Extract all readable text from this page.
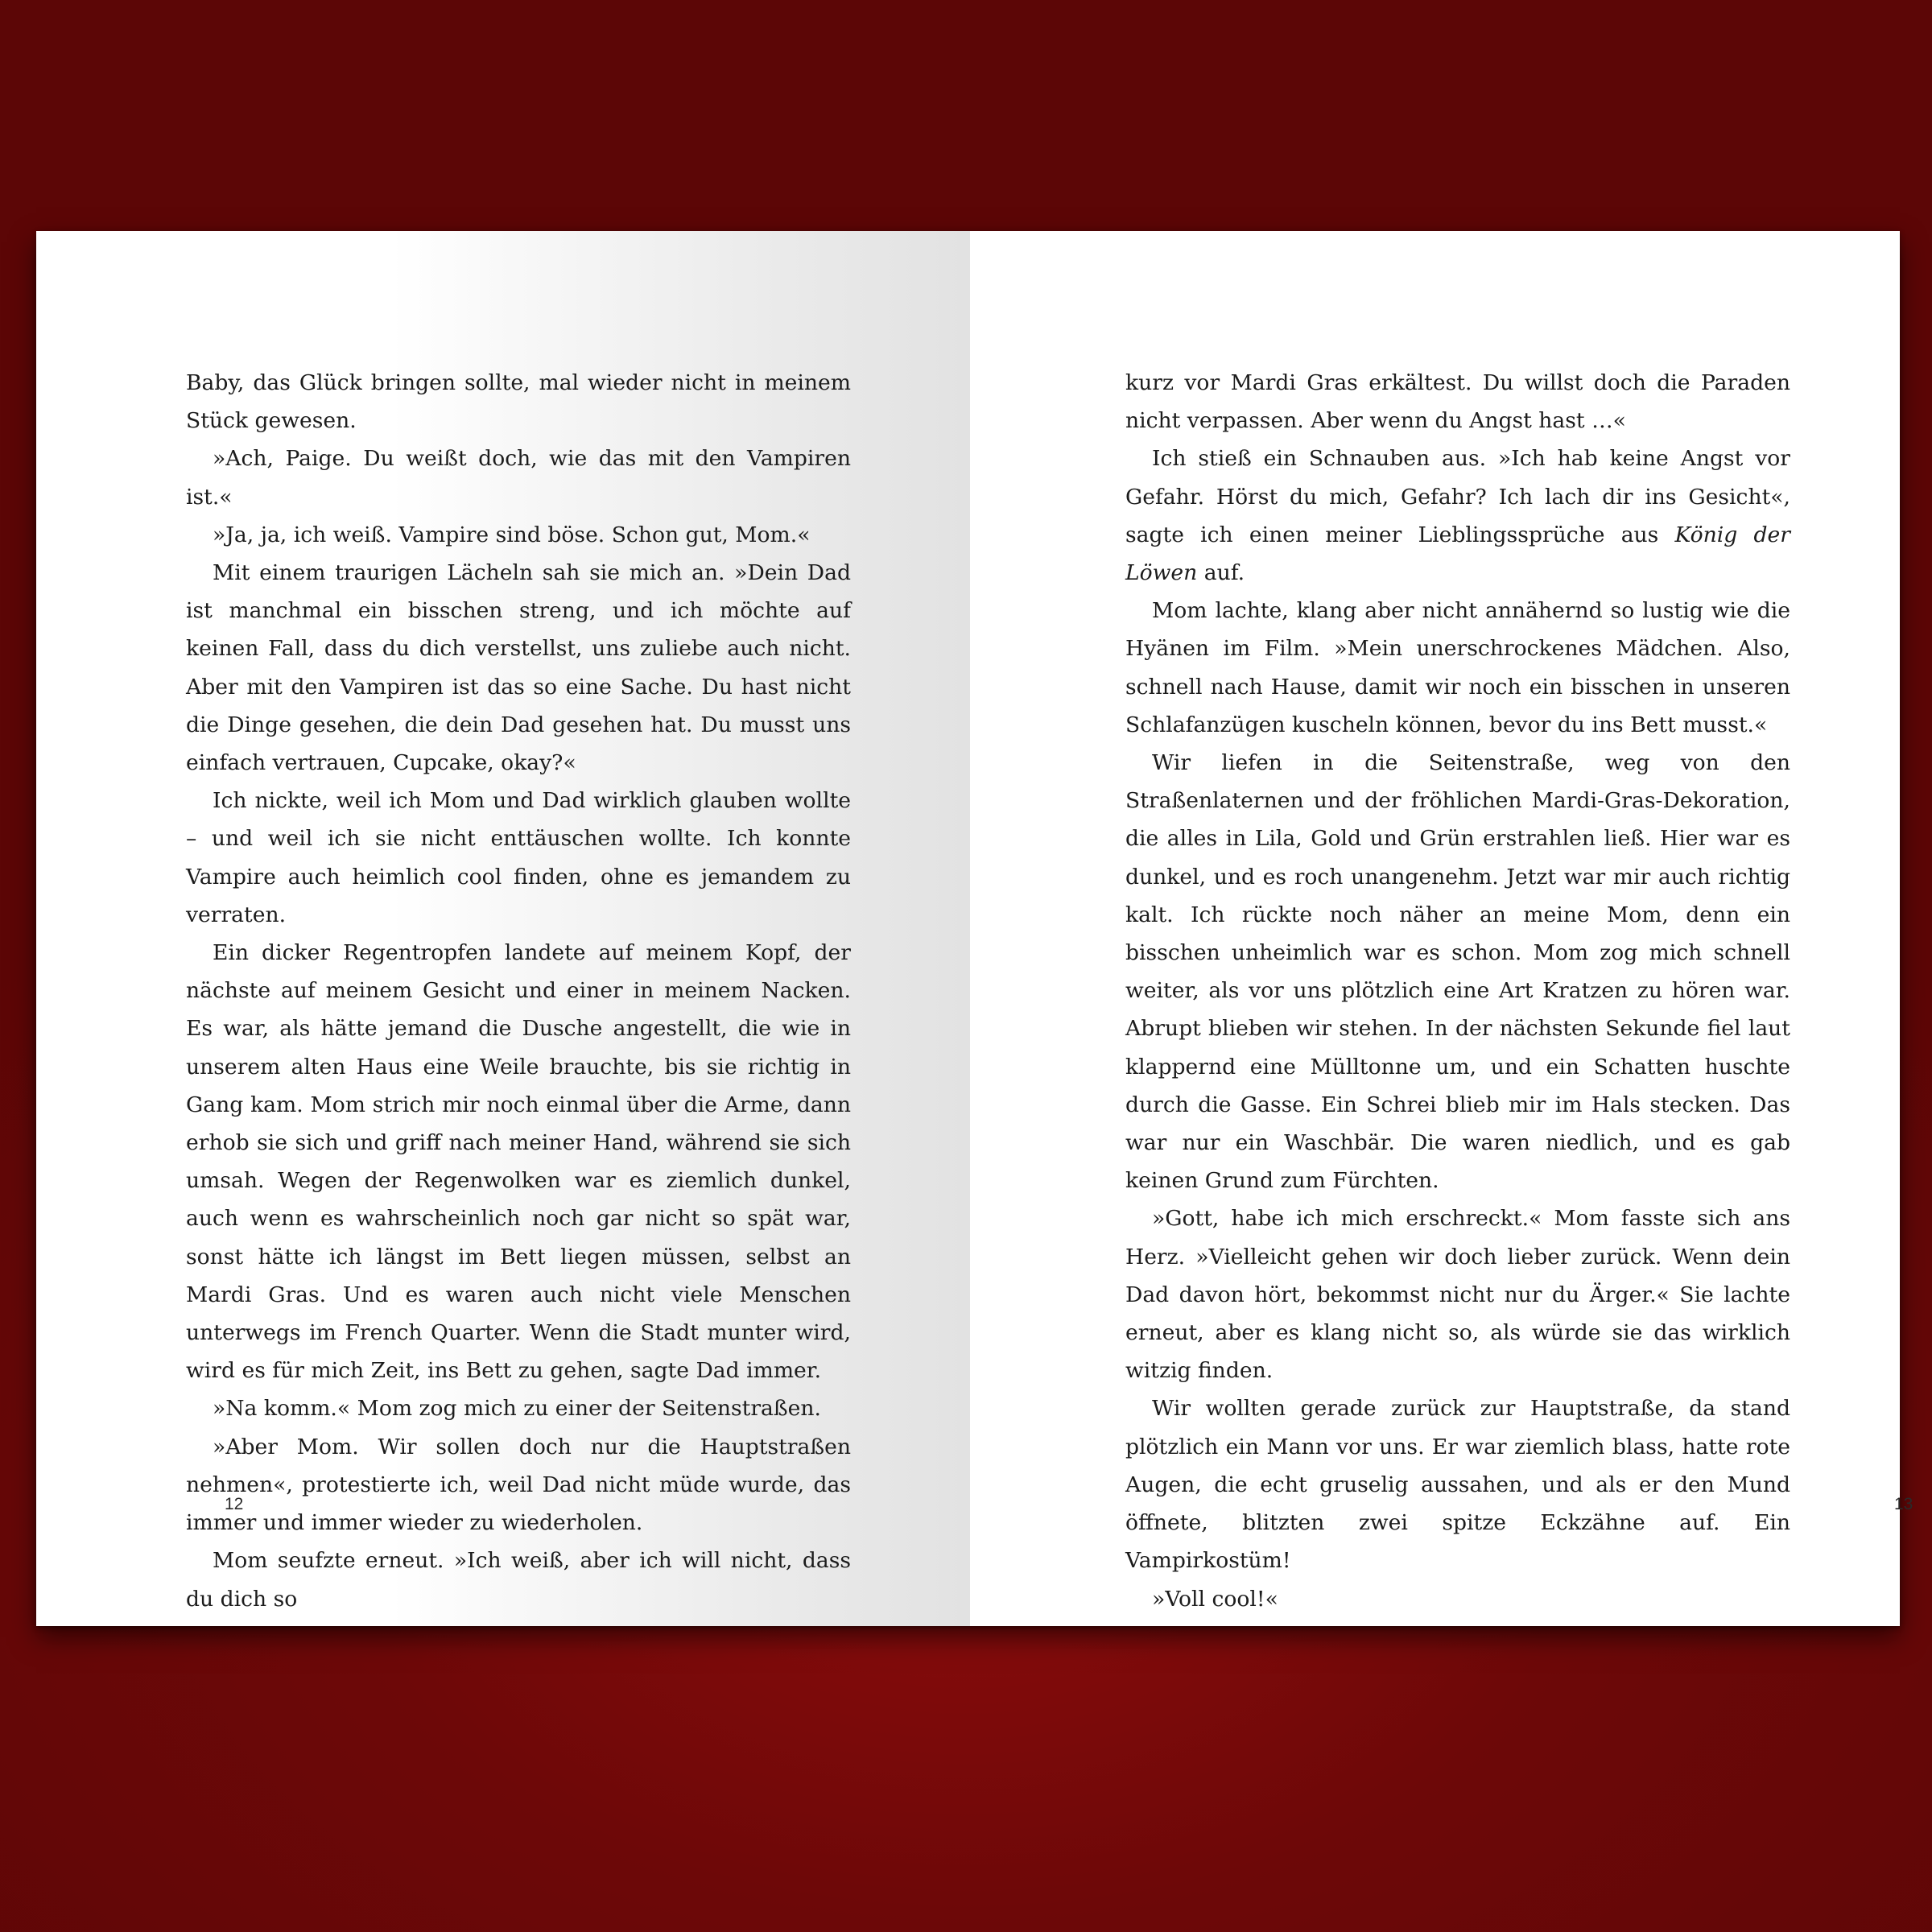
Baby, das Glück bringen sollte, mal wieder nicht in meinem Stück gewesen.

»Ach, Paige. Du weißt doch, wie das mit den Vampiren ist.«

»Ja, ja, ich weiß. Vampire sind böse. Schon gut, Mom.«

Mit einem traurigen Lächeln sah sie mich an. »Dein Dad ist manchmal ein bisschen streng, und ich möchte auf keinen Fall, dass du dich verstellst, uns zuliebe auch nicht. Aber mit den Vampiren ist das so eine Sache. Du hast nicht die Dinge gesehen, die dein Dad gesehen hat. Du musst uns einfach vertrauen, Cupcake, okay?«

Ich nickte, weil ich Mom und Dad wirklich glauben wollte – und weil ich sie nicht enttäuschen wollte. Ich konnte Vampire auch heimlich cool finden, ohne es jemandem zu verraten.

Ein dicker Regentropfen landete auf meinem Kopf, der nächste auf meinem Gesicht und einer in meinem Nacken. Es war, als hätte jemand die Dusche angestellt, die wie in unserem alten Haus eine Weile brauchte, bis sie richtig in Gang kam. Mom strich mir noch einmal über die Arme, dann erhob sie sich und griff nach meiner Hand, während sie sich umsah. Wegen der Regenwolken war es ziemlich dunkel, auch wenn es wahrscheinlich noch gar nicht so spät war, sonst hätte ich längst im Bett liegen müssen, selbst an Mardi Gras. Und es waren auch nicht viele Menschen unterwegs im French Quarter. Wenn die Stadt munter wird, wird es für mich Zeit, ins Bett zu gehen, sagte Dad immer.

»Na komm.« Mom zog mich zu einer der Seitenstraßen.

»Aber Mom. Wir sollen doch nur die Hauptstraßen nehmen«, protestierte ich, weil Dad nicht müde wurde, das immer und immer wieder zu wiederholen.

Mom seufzte erneut. »Ich weiß, aber ich will nicht, dass du dich so

12

kurz vor Mardi Gras erkältest. Du willst doch die Paraden nicht verpassen. Aber wenn du Angst hast …«

Ich stieß ein Schnauben aus. »Ich hab keine Angst vor Gefahr. Hörst du mich, Gefahr? Ich lach dir ins Gesicht«, sagte ich einen meiner Lieblingssprüche aus König der Löwen auf.

Mom lachte, klang aber nicht annähernd so lustig wie die Hyänen im Film. »Mein unerschrockenes Mädchen. Also, schnell nach Hause, damit wir noch ein bisschen in unseren Schlafanzügen kuscheln können, bevor du ins Bett musst.«

Wir liefen in die Seitenstraße, weg von den Straßenlaternen und der fröhlichen Mardi-Gras-Dekoration, die alles in Lila, Gold und Grün erstrahlen ließ. Hier war es dunkel, und es roch unangenehm. Jetzt war mir auch richtig kalt. Ich rückte noch näher an meine Mom, denn ein bisschen unheimlich war es schon. Mom zog mich schnell weiter, als vor uns plötzlich eine Art Kratzen zu hören war. Abrupt blieben wir stehen. In der nächsten Sekunde fiel laut klappernd eine Mülltonne um, und ein Schatten huschte durch die Gasse. Ein Schrei blieb mir im Hals stecken. Das war nur ein Waschbär. Die waren niedlich, und es gab keinen Grund zum Fürchten.

»Gott, habe ich mich erschreckt.« Mom fasste sich ans Herz. »Vielleicht gehen wir doch lieber zurück. Wenn dein Dad davon hört, bekommst nicht nur du Ärger.« Sie lachte erneut, aber es klang nicht so, als würde sie das wirklich witzig finden.

Wir wollten gerade zurück zur Hauptstraße, da stand plötzlich ein Mann vor uns. Er war ziemlich blass, hatte rote Augen, die echt gruselig aussahen, und als er den Mund öffnete, blitzten zwei spitze Eckzähne auf. Ein Vampirkostüm!

»Voll cool!«

13
